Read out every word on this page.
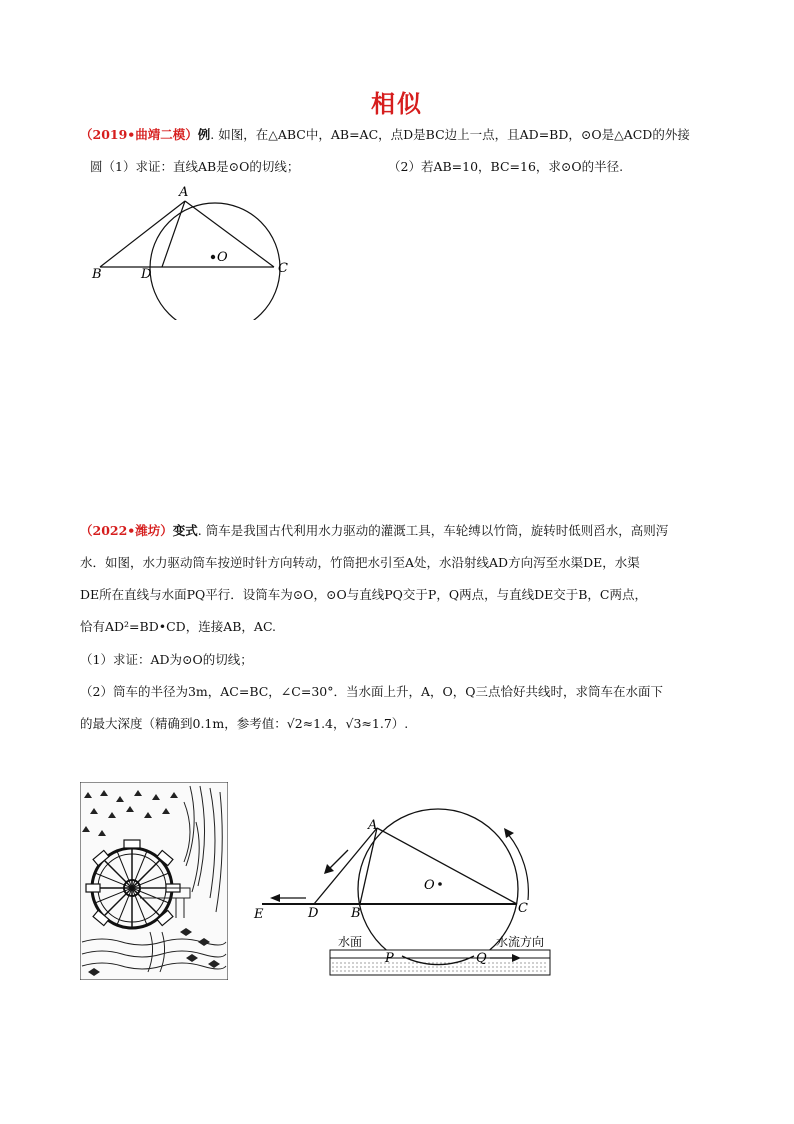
相似
（2019•曲靖二模）例. 如图，在△ABC中，AB=AC，点D是BC边上一点，且AD=BD，⊙O是△ACD的外接
圆（1）求证：直线AB是⊙O的切线；	（2）若AB=10，BC=16，求⊙O的半径.
A
B	D
O
C
（2022•潍坊）变式. 筒车是我国古代利用水力驱动的灌溉工具，车轮缚以竹筒，旋转时低则舀水，高则泻
水．如图，水力驱动筒车按逆时针方向转动，竹筒把水引至A处，水沿射线AD方向泻至水渠DE，水渠
DE所在直线与水面PQ平行．设筒车为⊙O，⊙O与直线PQ交于P，Q两点，与直线DE交于B，C两点，
恰有AD²=BD•CD，连接AB，AC.
（1）求证：AD为⊙O的切线；
（2）筒车的半径为3m，AC=BC，∠C=30°．当水面上升，A，O，Q三点恰好共线时，求筒车在水面下
的最大深度（精确到0.1m，参考值：√2≈1.4，√3≈1.7）.
A
O
E	D	B	C
P	Q
水面	水流方向
